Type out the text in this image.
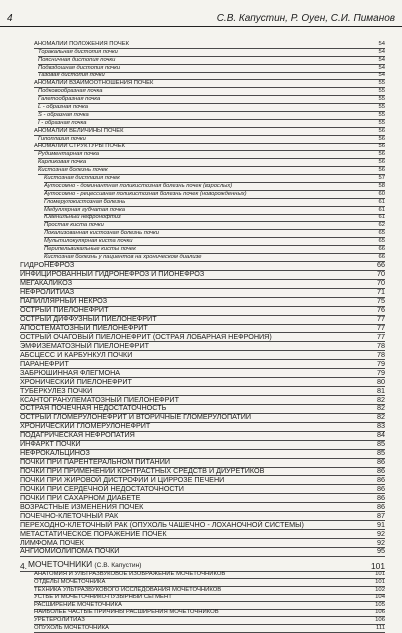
4	С.В. Капустин, Р. Оуен, С.И. Пиманов
АНОМАЛИИ ПОЛОЖЕНИЯ ПОЧЕК	54
Торакальная дистопия почки	54
Поясничная дистопия почки	54
Подвздошная дистопия почки	54
Тазовая дистопия почки	54
АНОМАЛИИ ВЗАИМООТНОШЕНИЯ ПОЧЕК	55
Подковообразная почка	55
Галетообразная почка	55
L - образная почка	55
S - образная почка	55
I - образная почка	55
АНОМАЛИИ ВЕЛИЧИНЫ ПОЧЕК	56
Гипоплазия почки	56
АНОМАЛИИ СТРУКТУРЫ ПОЧЕК	56
Рудиментарная почка	56
Карликовая почка	56
Кистозная болезнь почек	56
Кистозная дисплазия почек	57
Аутосомно - доминантная поликистозная болезнь почек (взрослых)	58
Аутосомно - рецессивная поликистозная болезнь почек (новорожденных)	60
Гломерулокистозная болезнь	61
Медуллярная губчатая почка	61
Ювенильный нефронофтиз	61
Простая киста почки	62
Локализованная кистозная болезнь почки	65
Мультилокулярная киста почки	65
Перипельвикальные кисты почек	66
Кистозная болезнь у пациентов на хроническом диализе	66
ГИДРОНЕФРОЗ	66
ИНФИЦИРОВАННЫЙ ГИДРОНЕФРОЗ И ПИОНЕФРОЗ	70
МЕГАКАЛИКОЗ	70
НЕФРОЛИТИАЗ	71
ПАПИЛЛЯРНЫЙ НЕКРОЗ	75
ОСТРЫЙ ПИЕЛОНЕФРИТ	76
ОСТРЫЙ ДИФФУЗНЫЙ ПИЕЛОНЕФРИТ	77
АПОСТЕМАТОЗНЫЙ ПИЕЛОНЕФРИТ	77
ОСТРЫЙ ОЧАГОВЫЙ ПИЕЛОНЕФРИТ (ОСТРАЯ ЛОБАРНАЯ НЕФРОНИЯ)	77
ЭМФИЗЕМАТОЗНЫЙ ПИЕЛОНЕФРИТ	78
АБСЦЕСС И КАРБУНКУЛ ПОЧКИ	78
ПАРАНЕФРИТ	79
ЗАБРЮШИННАЯ ФЛЕГМОНА	79
ХРОНИЧЕСКИЙ ПИЕЛОНЕФРИТ	80
ТУБЕРКУЛЕЗ ПОЧКИ	81
КСАНТОГРАНУЛЕМАТОЗНЫЙ ПИЕЛОНЕФРИТ	82
ОСТРАЯ ПОЧЕЧНАЯ НЕДОСТАТОЧНОСТЬ	82
ОСТРЫЙ ГЛОМЕРУЛОНЕФРИТ И ВТОРИЧНЫЕ ГЛОМЕРУЛОПАТИИ	82
ХРОНИЧЕСКИЙ ГЛОМЕРУЛОНЕФРИТ	83
ПОДАГРИЧЕСКАЯ НЕФРОПАТИЯ	84
ИНФАРКТ ПОЧКИ	85
НЕФРОКАЛЬЦИНОЗ	85
ПОЧКИ ПРИ ПАРЕНТЕРАЛЬНОМ ПИТАНИИ	86
ПОЧКИ ПРИ ПРИМЕНЕНИИ КОНТРАСТНЫХ СРЕДСТВ И ДИУРЕТИКОВ	86
ПОЧКИ ПРИ ЖИРОВОЙ ДИСТРОФИИ И ЦИРРОЗЕ ПЕЧЕНИ	86
ПОЧКИ ПРИ СЕРДЕЧНОЙ НЕДОСТАТОЧНОСТИ	86
ПОЧКИ ПРИ САХАРНОМ ДИАБЕТЕ	86
ВОЗРАСТНЫЕ ИЗМЕНЕНИЯ ПОЧЕК	86
ПОЧЕЧНО-КЛЕТОЧНЫЙ РАК	87
ПЕРЕХОДНО-КЛЕТОЧНЫЙ РАК (ОПУХОЛЬ ЧАШЕЧНО - ЛОХАНОЧНОЙ СИСТЕМЫ)	91
МЕТАСТАТИЧЕСКОЕ ПОРАЖЕНИЕ ПОЧЕК	92
ЛИМФОМА ПОЧЕК	92
АНГИОМИОЛИПОМА ПОЧКИ	95
4. МОЧЕТОЧНИКИ (С.В. Капустин)	101
АНАТОМИЯ И УЛЬТРАЗВУКОВОЕ ИЗОБРАЖЕНИЕ МОЧЕТОЧНИКОВ	101
ОТДЕЛЫ МОЧЕТОЧНИКА	101
ТЕХНИКА УЛЬТРАЗВУКОВОГО ИССЛЕДОВАНИЯ МОЧЕТОЧНИКОВ	102
УСТЬЕ И МОЧЕТОЧНИКО-ПУЗЫРНЫЙ СЕГМЕНТ	104
РАСШИРЕНИЕ МОЧЕТОЧНИКА	105
НАИБОЛЕЕ ЧАСТЫЕ ПРИЧИНЫ РАСШИРЕНИЯ МОЧЕТОЧНИКОВ	106
УРЕТЕРОЛИТИАЗ	106
ОПУХОЛЬ МОЧЕТОЧНИКА	111
